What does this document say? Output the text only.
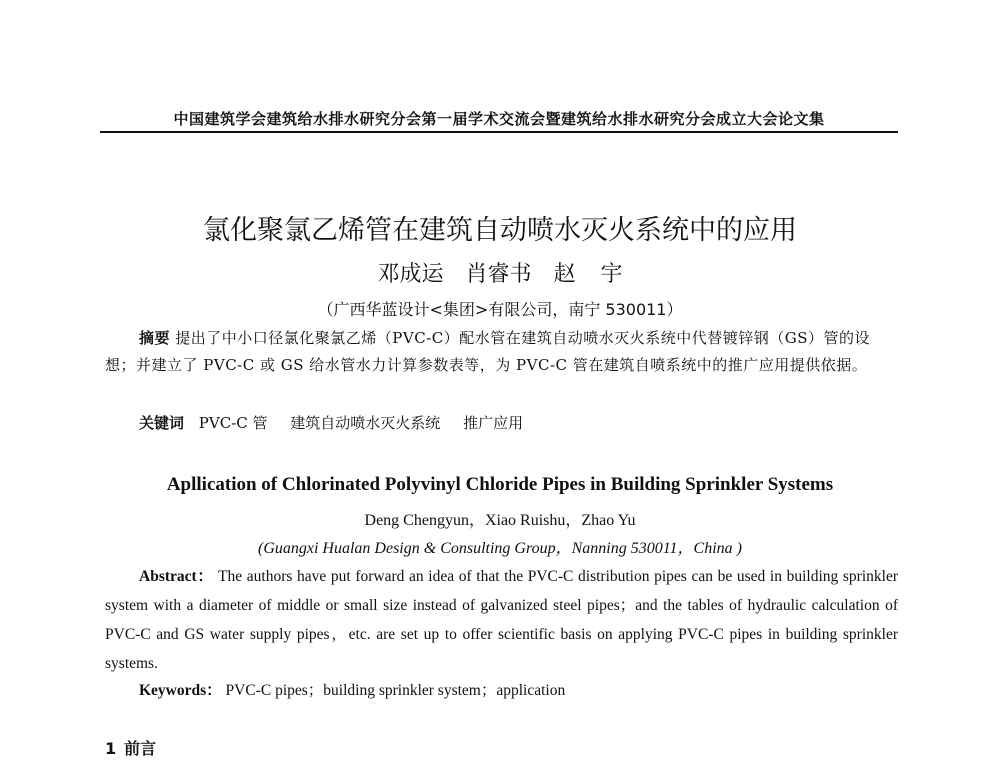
中国建筑学会建筑给水排水研究分会第一届学术交流会暨建筑给水排水研究分会成立大会论文集
氯化聚氯乙烯管在建筑自动喷水灭火系统中的应用
邓成运　肖睿书　赵 宇
（广西华蓝设计<集团>有限公司，南宁 530011）
摘要 提出了中小口径氯化聚氯乙烯（PVC-C）配水管在建筑自动喷水灭火系统中代替镀锌钢（GS）管的设想；并建立了 PVC-C 或 GS 给水管水力计算参数表等，为 PVC-C 管在建筑自喷系统中的推广应用提供依据。
关键词 PVC-C 管 建筑自动喷水灭火系统 推广应用
Apllication of Chlorinated Polyvinyl Chloride Pipes in Building Sprinkler Systems
Deng Chengyun，Xiao Ruishu，Zhao Yu
(Guangxi Hualan Design & Consulting Group，Nanning 530011，China )
Abstract： The authors have put forward an idea of that the PVC-C distribution pipes can be used in building sprinkler system with a diameter of middle or small size instead of galvanized steel pipes；and the tables of hydraulic calculation of PVC-C and GS water supply pipes，etc. are set up to offer scientific basis on applying PVC-C pipes in building sprinkler systems.
Keywords： PVC-C pipes；building sprinkler system；application
1 前言
